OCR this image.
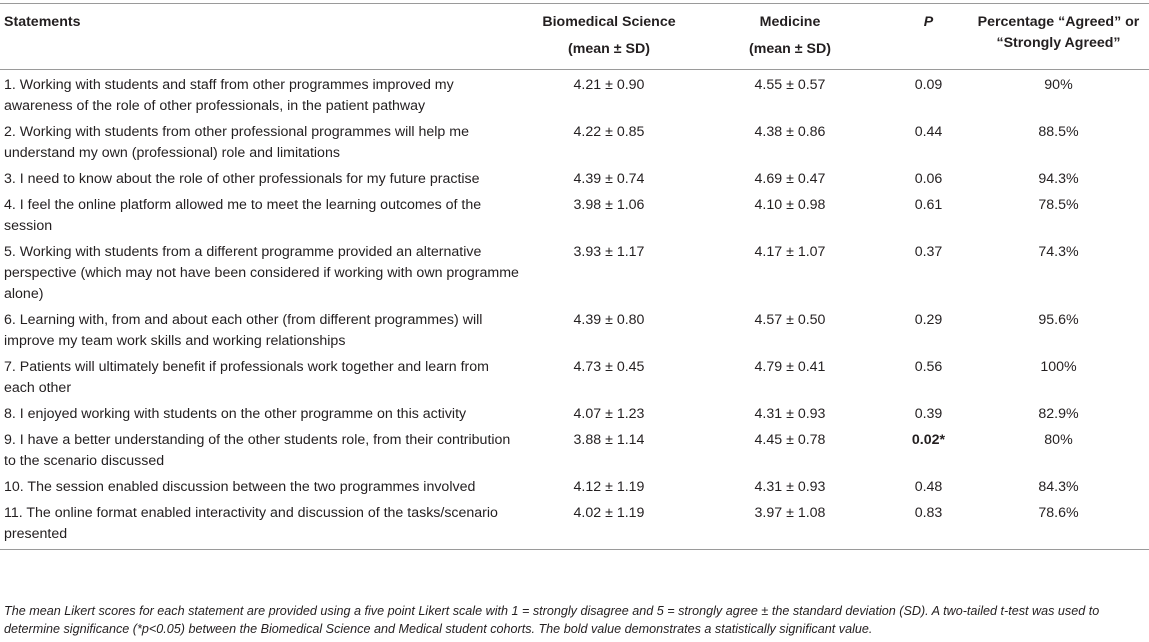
Statements	Biomedical Science	Medicine	P	Percentage “Agreed” or “Strongly Agreed”
	(mean ± SD)	(mean ± SD)		
1. Working with students and staff from other programmes improved my awareness of the role of other professionals, in the patient pathway	4.21 ± 0.90	4.55 ± 0.57	0.09	90%
2. Working with students from other professional programmes will help me understand my own (professional) role and limitations	4.22 ± 0.85	4.38 ± 0.86	0.44	88.5%
3. I need to know about the role of other professionals for my future practise	4.39 ± 0.74	4.69 ± 0.47	0.06	94.3%
4. I feel the online platform allowed me to meet the learning outcomes of the session	3.98 ± 1.06	4.10 ± 0.98	0.61	78.5%
5. Working with students from a different programme provided an alternative perspective (which may not have been considered if working with own programme alone)	3.93 ± 1.17	4.17 ± 1.07	0.37	74.3%
6. Learning with, from and about each other (from different programmes) will improve my team work skills and working relationships	4.39 ± 0.80	4.57 ± 0.50	0.29	95.6%
7. Patients will ultimately benefit if professionals work together and learn from each other	4.73 ± 0.45	4.79 ± 0.41	0.56	100%
8. I enjoyed working with students on the other programme on this activity	4.07 ± 1.23	4.31 ± 0.93	0.39	82.9%
9. I have a better understanding of the other students role, from their contribution to the scenario discussed	3.88 ± 1.14	4.45 ± 0.78	0.02*	80%
10. The session enabled discussion between the two programmes involved	4.12 ± 1.19	4.31 ± 0.93	0.48	84.3%
11. The online format enabled interactivity and discussion of the tasks/scenario presented	4.02 ± 1.19	3.97 ± 1.08	0.83	78.6%
The mean Likert scores for each statement are provided using a five point Likert scale with 1 = strongly disagree and 5 = strongly agree ± the standard deviation (SD). A two-tailed t-test was used to determine significance (*p<0.05) between the Biomedical Science and Medical student cohorts. The bold value demonstrates a statistically significant value.
